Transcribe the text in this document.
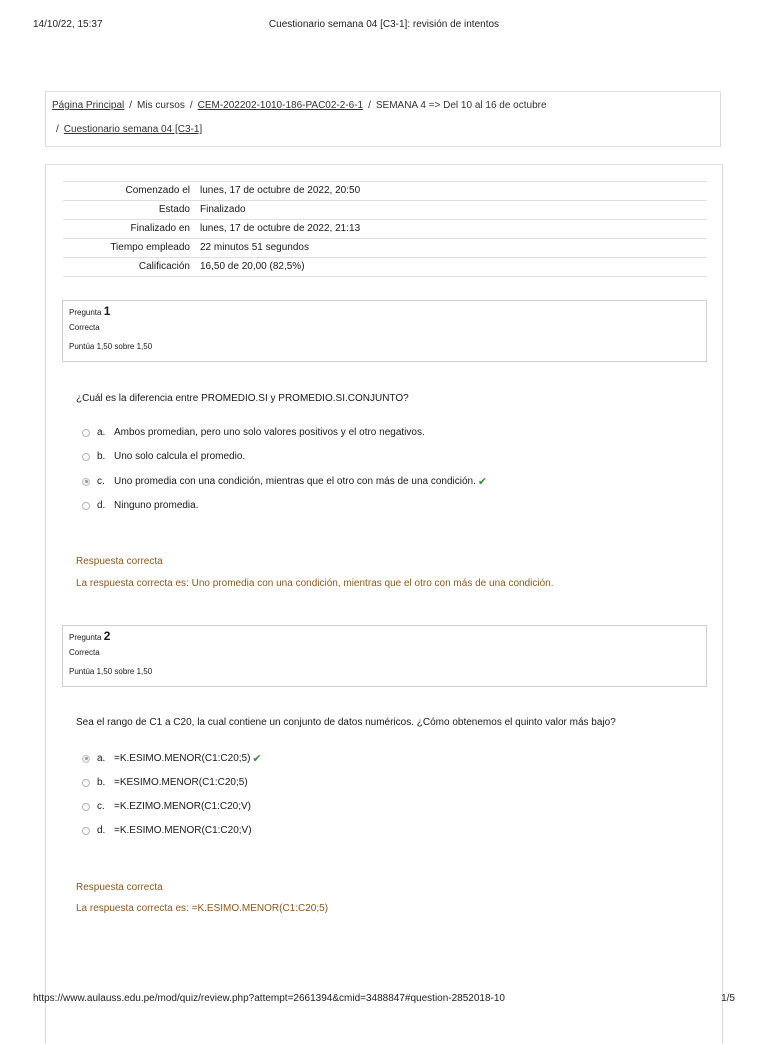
14/10/22, 15:37	Cuestionario semana 04 [C3-1]: revisión de intentos
Página Principal / Mis cursos / CEM-202202-1010-186-PAC02-2-6-1 / SEMANA 4 => Del 10 al 16 de octubre
/ Cuestionario semana 04 [C3-1]
Comenzado el	lunes, 17 de octubre de 2022, 20:50
Estado	Finalizado
Finalizado en	lunes, 17 de octubre de 2022, 21:13
Tiempo empleado	22 minutos 51 segundos
Calificación	16,50 de 20,00 (82,5%)
Pregunta 1
Correcta
Puntúa 1,50 sobre 1,50
¿Cuál es la diferencia entre PROMEDIO.SI y PROMEDIO.SI.CONJUNTO?
a. Ambos promedian, pero uno solo valores positivos y el otro negativos.
b. Uno solo calcula el promedio.
c. Uno promedia con una condición, mientras que el otro con más de una condición. ✔
d. Ninguno promedia.
Respuesta correcta
La respuesta correcta es: Uno promedia con una condición, mientras que el otro con más de una condición.
Pregunta 2
Correcta
Puntúa 1,50 sobre 1,50
Sea el rango de C1 a C20, la cual contiene un conjunto de datos numéricos. ¿Cómo obtenemos el quinto valor más bajo?
a. =K.ESIMO.MENOR(C1:C20;5) ✔
b. =KESIMO.MENOR(C1:C20;5)
c. =K.EZIMO.MENOR(C1:C20;V)
d. =K.ESIMO.MENOR(C1:C20;V)
Respuesta correcta
La respuesta correcta es: =K.ESIMO.MENOR(C1:C20;5)
https://www.aulauss.edu.pe/mod/quiz/review.php?attempt=2661394&cmid=3488847#question-2852018-10	1/5
